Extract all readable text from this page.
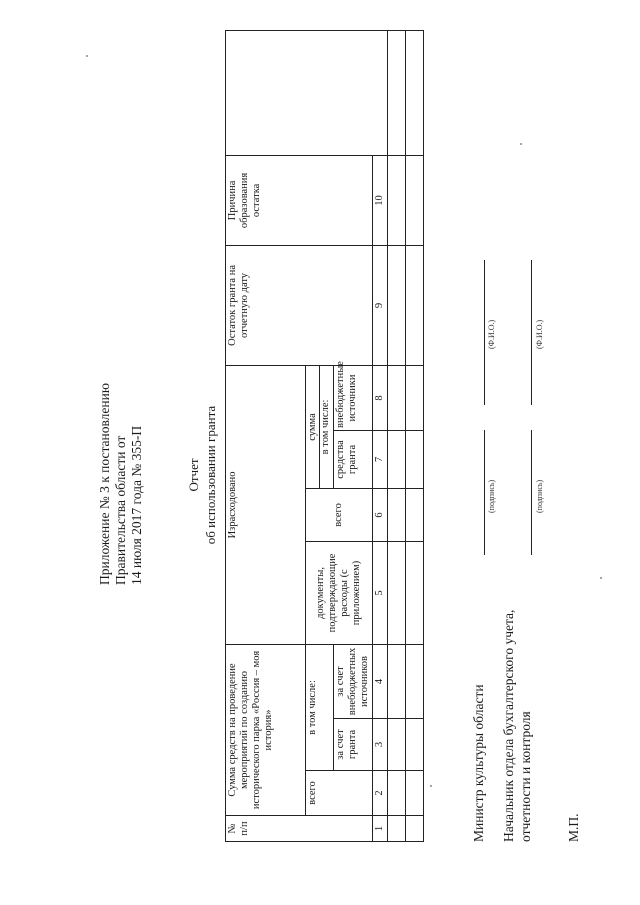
Приложение № 3 к постановлению Правительства области от 14 июля 2017 года № 355-П	Отчет об использовании гранта
№ п/п	Сумма средств на проведение мероприятий по созданию исторического парка «Россия – моя история»			Израсходовано				Остаток гранта на отчетную дату	Причина образования остатка	
	всего	в том числе:		документы, подтверждающие расходы (с приложением)	всего	сумма в том числе:				

		за счет гранта	за счет внебюджетных источников			средства гранта	внебюджетные источники			
1	2	3	4	5	6	7	8	9	10	

Министр культуры области
(подпись)
(Ф.И.О.)
Начальник отдела бухгалтерского учета, отчетности и контроля
(подпись)
(Ф.И.О.)
М.П.
